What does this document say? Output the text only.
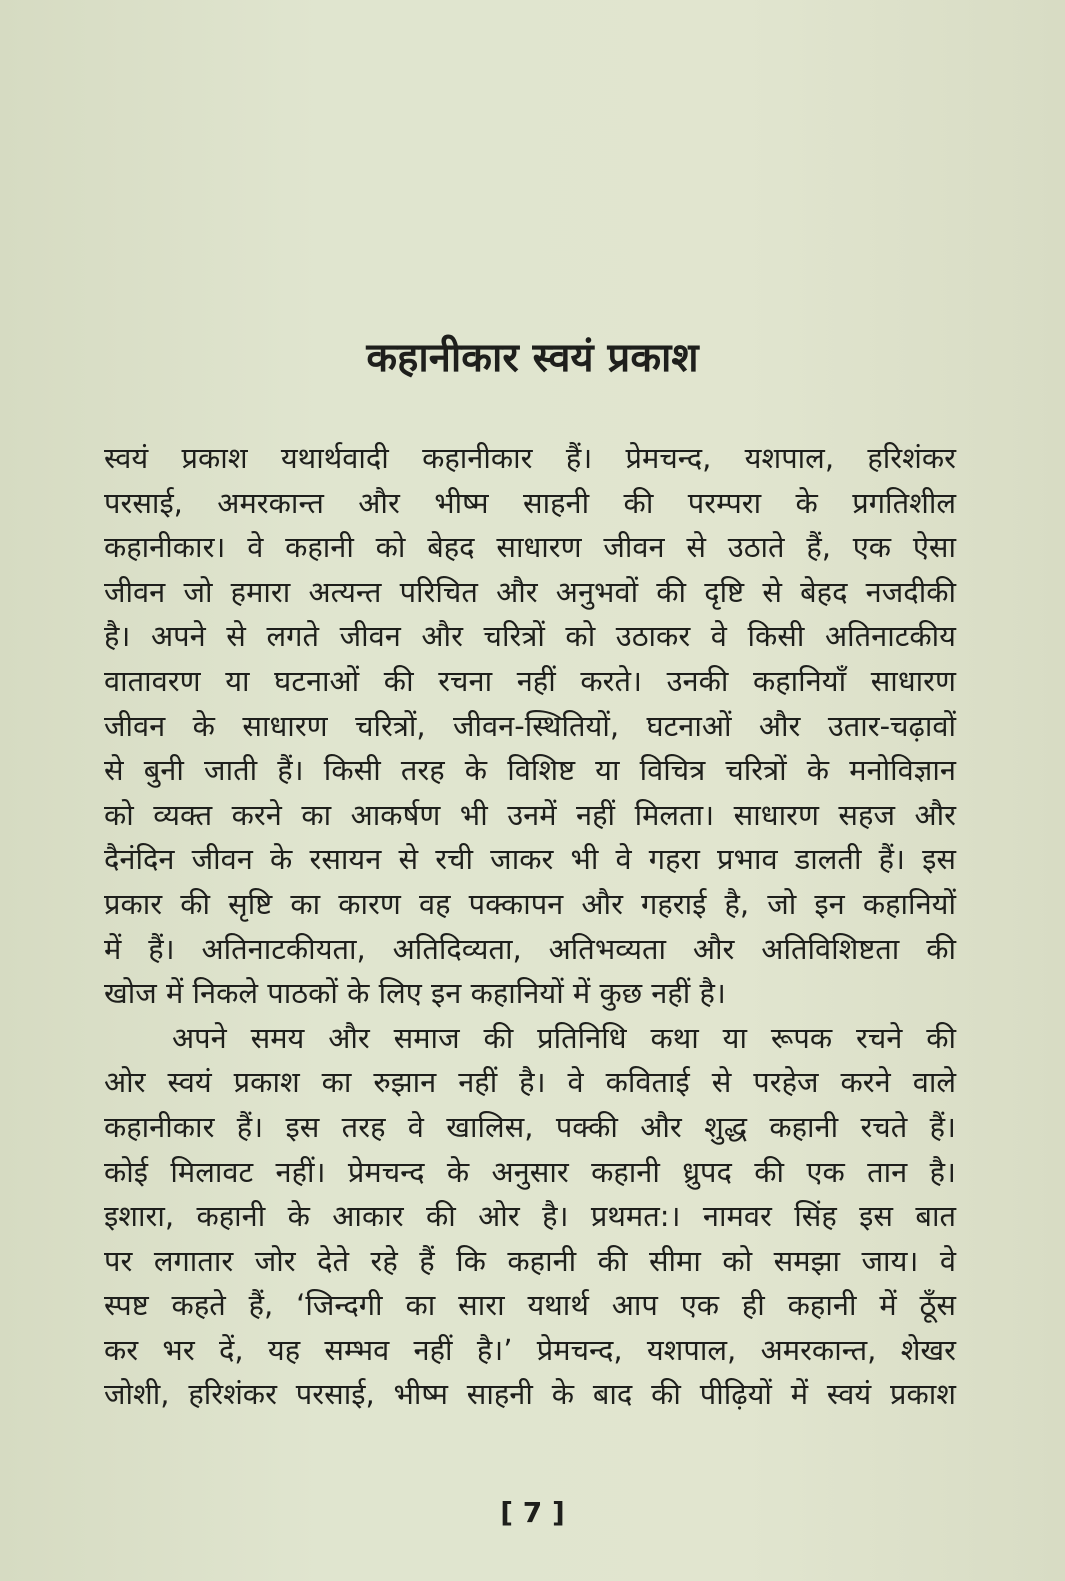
कहानीकार स्वयं प्रकाश
स्वयं प्रकाश यथार्थवादी कहानीकार हैं। प्रेमचन्द, यशपाल, हरिशंकर
परसाई, अमरकान्त और भीष्म साहनी की परम्परा के प्रगतिशील
कहानीकार। वे कहानी को बेहद साधारण जीवन से उठाते हैं, एक ऐसा
जीवन जो हमारा अत्यन्त परिचित और अनुभवों की दृष्टि से बेहद नजदीकी
है। अपने से लगते जीवन और चरित्रों को उठाकर वे किसी अतिनाटकीय
वातावरण या घटनाओं की रचना नहीं करते। उनकी कहानियाँ साधारण
जीवन के साधारण चरित्रों, जीवन-स्थितियों, घटनाओं और उतार-चढ़ावों
से बुनी जाती हैं। किसी तरह के विशिष्ट या विचित्र चरित्रों के मनोविज्ञान
को व्यक्त करने का आकर्षण भी उनमें नहीं मिलता। साधारण सहज और
दैनंदिन जीवन के रसायन से रची जाकर भी वे गहरा प्रभाव डालती हैं। इस
प्रकार की सृष्टि का कारण वह पक्कापन और गहराई है, जो इन कहानियों
में हैं। अतिनाटकीयता, अतिदिव्यता, अतिभव्यता और अतिविशिष्टता की
खोज में निकले पाठकों के लिए इन कहानियों में कुछ नहीं है।
अपने समय और समाज की प्रतिनिधि कथा या रूपक रचने की
ओर स्वयं प्रकाश का रुझान नहीं है। वे कविताई से परहेज करने वाले
कहानीकार हैं। इस तरह वे खालिस, पक्की और शुद्ध कहानी रचते हैं।
कोई मिलावट नहीं। प्रेमचन्द के अनुसार कहानी ध्रुपद की एक तान है।
इशारा, कहानी के आकार की ओर है। प्रथमत:। नामवर सिंह इस बात
पर लगातार जोर देते रहे हैं कि कहानी की सीमा को समझा जाय। वे
स्पष्ट कहते हैं, ‘जिन्दगी का सारा यथार्थ आप एक ही कहानी में ठूँस
कर भर दें, यह सम्भव नहीं है।’ प्रेमचन्द, यशपाल, अमरकान्त, शेखर
जोशी, हरिशंकर परसाई, भीष्म साहनी के बाद की पीढ़ियों में स्वयं प्रकाश
[ 7 ]
